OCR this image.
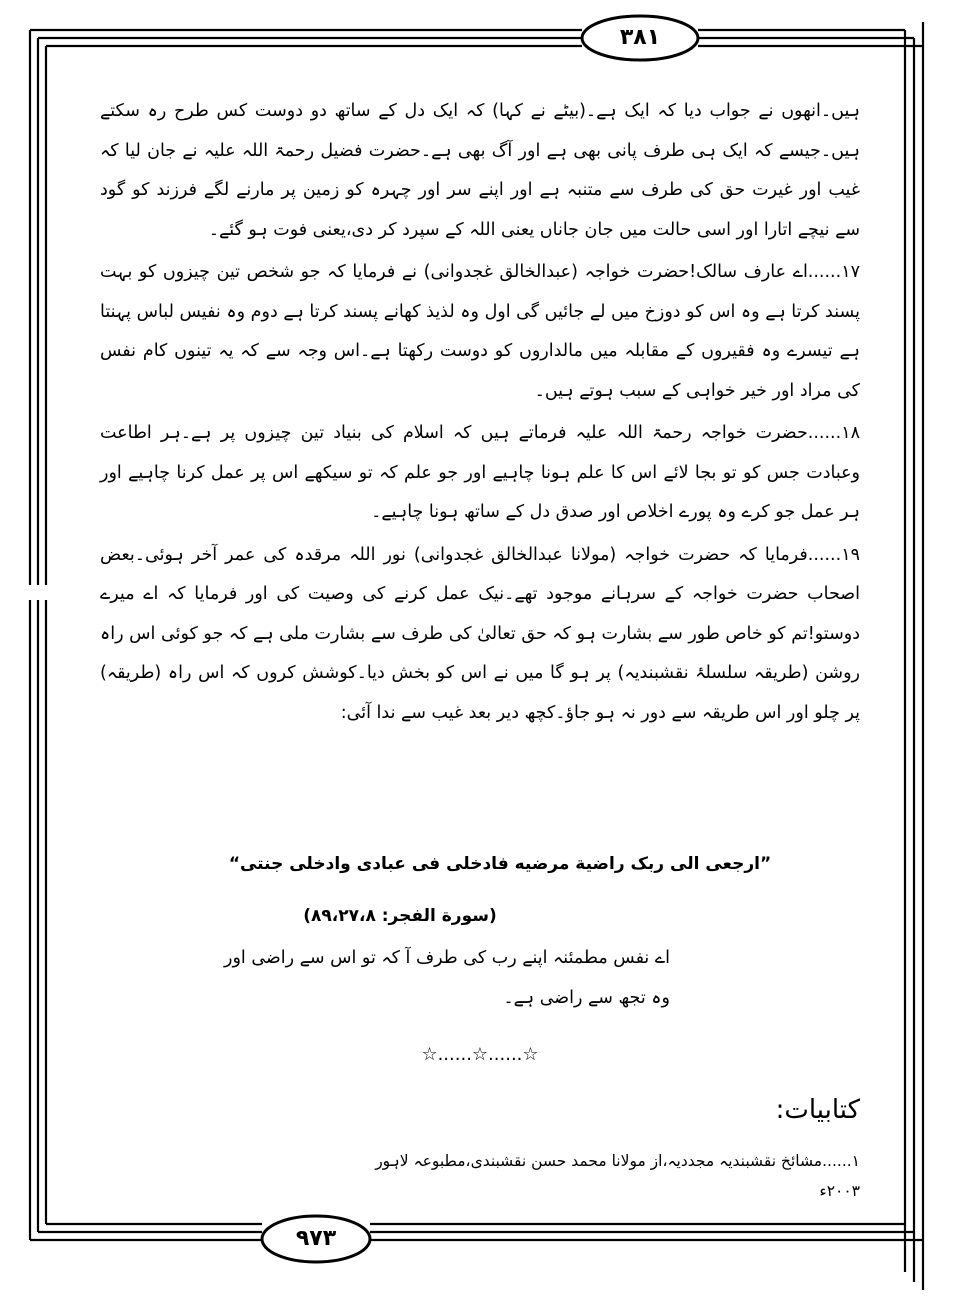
۳۸۱
۹۷۳

ہیں۔انھوں نے جواب دیا کہ ایک ہے۔(بیٹے نے کہا) کہ ایک دل کے ساتھ دو دوست کس طرح رہ سکتے ہیں۔جیسے کہ ایک ہی طرف پانی بھی ہے اور آگ بھی ہے۔حضرت فضیل رحمۃ اللہ علیہ نے جان لیا کہ غیب اور غیرت حق کی طرف سے متنبہ ہے اور اپنے سر اور چہرہ کو زمین پر مارنے لگے فرزند کو گود سے نیچے اتارا اور اسی حالت میں جان جاناں یعنی اللہ کے سپرد کر دی،یعنی فوت ہو گئے۔

۱۷......اے عارف سالک!حضرت خواجہ (عبدالخالق غجدوانی) نے فرمایا کہ جو شخص تین چیزوں کو بہت پسند کرتا ہے وہ اس کو دوزخ میں لے جائیں گی اول وہ لذیذ کھانے پسند کرتا ہے دوم وہ نفیس لباس پہنتا ہے تیسرے وہ فقیروں کے مقابلہ میں مالداروں کو دوست رکھتا ہے۔اس وجہ سے کہ یہ تینوں کام نفس کی مراد اور خیر خواہی کے سبب ہوتے ہیں۔

۱۸......حضرت خواجہ رحمۃ اللہ علیہ فرماتے ہیں کہ اسلام کی بنیاد تین چیزوں پر ہے۔ہر اطاعت وعبادت جس کو تو بجا لائے اس کا علم ہونا چاہیے اور جو علم کہ تو سیکھے اس پر عمل کرنا چاہیے اور ہر عمل جو کرے وہ پورے اخلاص اور صدق دل کے ساتھ ہونا چاہیے۔

۱۹......فرمایا کہ حضرت خواجہ (مولانا عبدالخالق غجدوانی) نور اللہ مرقدہ کی عمر آخر ہوئی۔بعض اصحاب حضرت خواجہ کے سرہانے موجود تھے۔نیک عمل کرنے کی وصیت کی اور فرمایا کہ اے میرے دوستو!تم کو خاص طور سے بشارت ہو کہ حق تعالیٰ کی طرف سے بشارت ملی ہے کہ جو کوئی اس راہ روشن (طریقہ سلسلۂ نقشبندیہ) پر ہو گا میں نے اس کو بخش دیا۔کوشش کروں کہ اس راہ (طریقہ) پر چلو اور اس طریقہ سے دور نہ ہو جاؤ۔کچھ دیر بعد غیب سے ندا آئی:

”ارجعی الی ربک راضیة مرضیه فادخلی فی عبادی وادخلی جنتی“
(سورة الفجر: ۸۹،۲۷،۸)
اے نفس مطمئنہ اپنے رب کی طرف آ کہ تو اس سے راضی اور وہ تجھ سے راضی ہے۔
☆......☆......☆
کتابیات:
۱......مشائخ نقشبندیہ مجددیہ،از مولانا محمد حسن نقشبندی،مطبوعہ لاہور ۲۰۰۳ء
